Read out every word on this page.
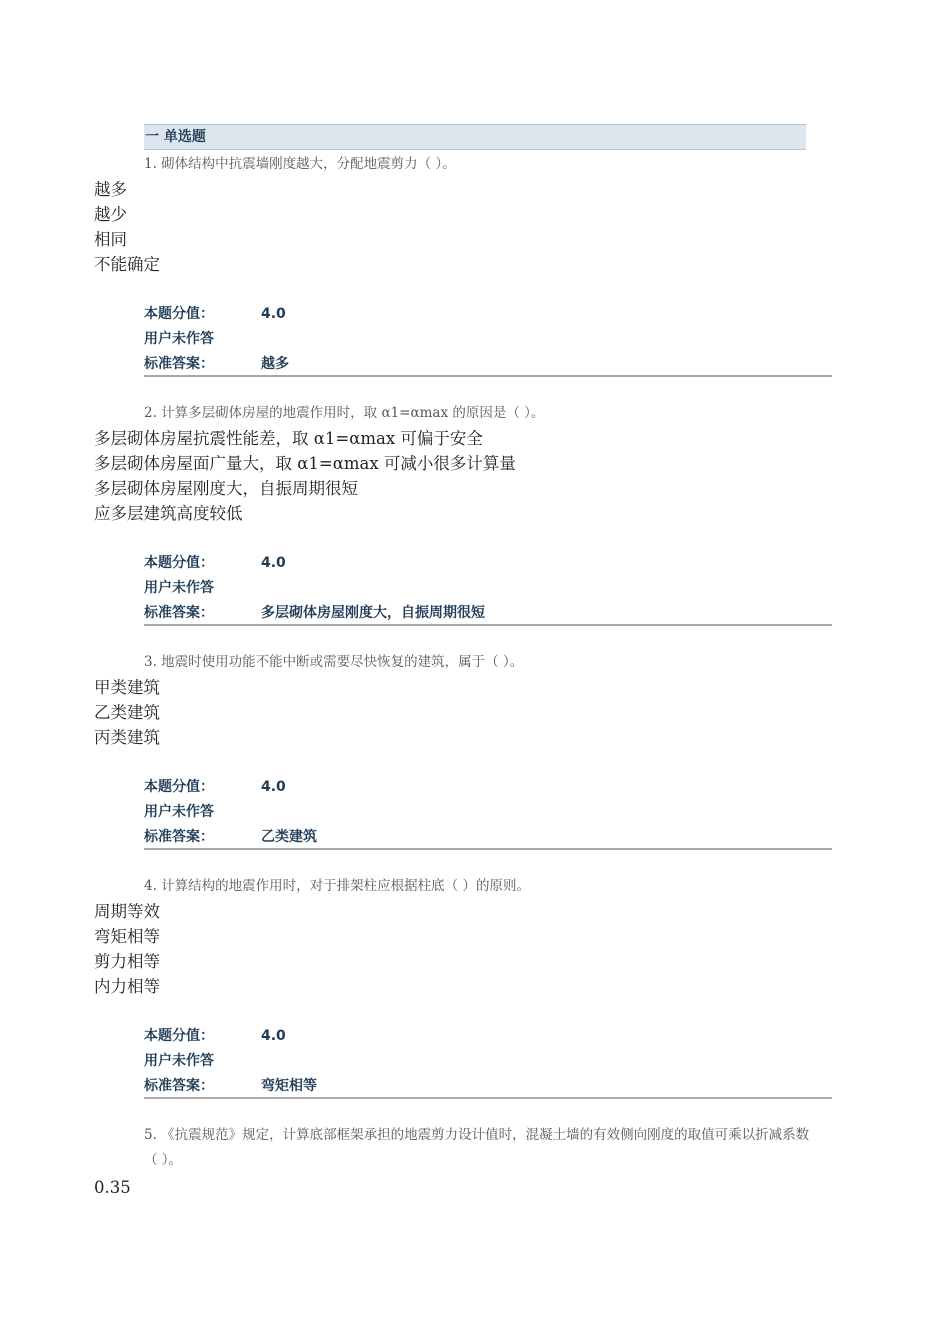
一 单选题
1. 砌体结构中抗震墙刚度越大，分配地震剪力（ ）。
越多
越少
相同
不能确定
本题分值：	4.0
用户未作答
标准答案：	越多
2. 计算多层砌体房屋的地震作用时，取 α1=αmax 的原因是（ ）。
多层砌体房屋抗震性能差，取 α1=αmax 可偏于安全
多层砌体房屋面广量大，取 α1=αmax 可减小很多计算量
多层砌体房屋刚度大，自振周期很短
应多层建筑高度较低
本题分值：	4.0
用户未作答
标准答案：	多层砌体房屋刚度大，自振周期很短
3. 地震时使用功能不能中断或需要尽快恢复的建筑，属于（ ）。
甲类建筑
乙类建筑
丙类建筑
本题分值：	4.0
用户未作答
标准答案：	乙类建筑
4. 计算结构的地震作用时，对于排架柱应根据柱底（ ）的原则。
周期等效
弯矩相等
剪力相等
内力相等
本题分值：	4.0
用户未作答
标准答案：	弯矩相等
5. 《抗震规范》规定，计算底部框架承担的地震剪力设计值时，混凝土墙的有效侧向刚度的取值可乘以折减系数（ ）。
0.35
